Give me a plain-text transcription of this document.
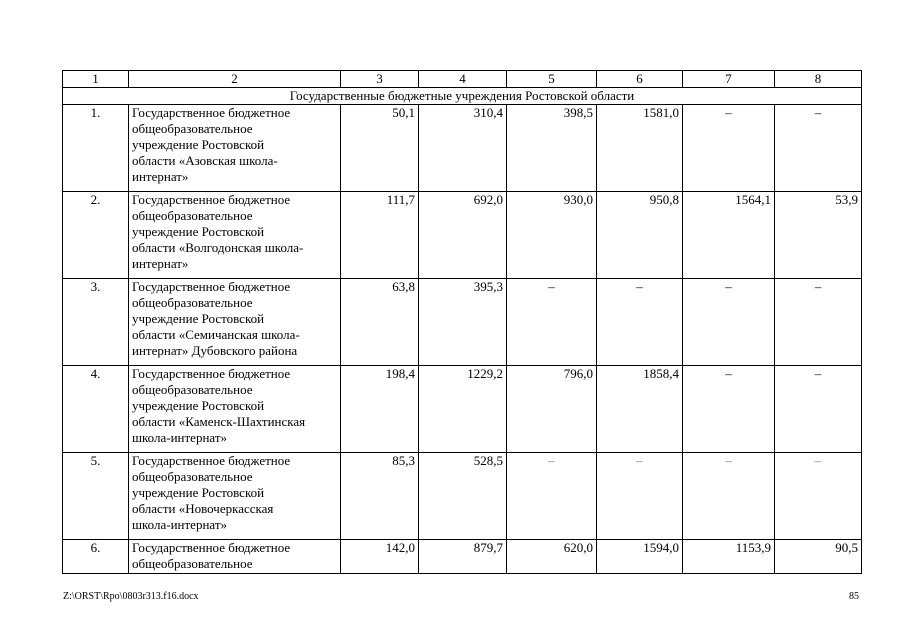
1	2	3	4	5	6	7	8
Государственные бюджетные учреждения Ростовской области							
1.	Государственное бюджетное
общеобразовательное
учреждение Ростовской
области «Азовская школа-
интернат»	50,1	310,4	398,5	1581,0	–	–
2.	Государственное бюджетное
общеобразовательное
учреждение Ростовской
области «Волгодонская школа-
интернат»	111,7	692,0	930,0	950,8	1564,1	53,9
3.	Государственное бюджетное
общеобразовательное
учреждение Ростовской
области «Семичанская школа-
интернат» Дубовского района	63,8	395,3	–	–	–	–
4.	Государственное бюджетное
общеобразовательное
учреждение Ростовской
области «Каменск-Шахтинская
школа-интернат»	198,4	1229,2	796,0	1858,4	–	–
5.	Государственное бюджетное
общеобразовательное
учреждение Ростовской
области «Новочеркасская
школа-интернат»	85,3	528,5	–	–	–	–
6.	Государственное бюджетное
общеобразовательное	142,0	879,7	620,0	1594,0	1153,9	90,5
Z:\ORST\Rpo\0803r313.f16.docx	85
